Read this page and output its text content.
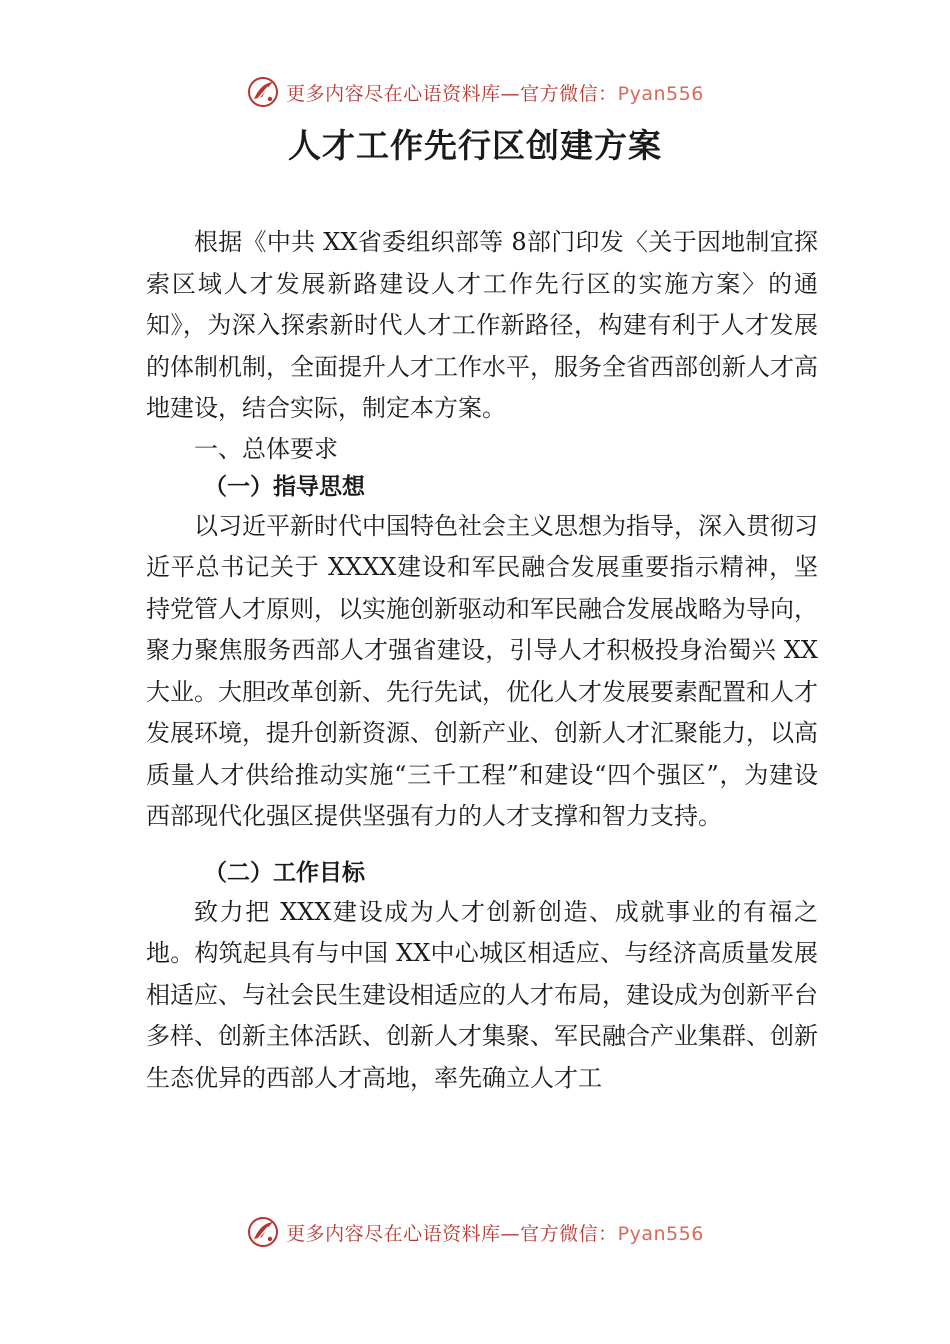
更多内容尽在心语资料库—官方微信：Pyan556
人才工作先行区创建方案

根据《中共 XX省委组织部等 8部门印发〈关于因地制宜探索区域人才发展新路建设人才工作先行区的实施方案〉的通知》，为深入探索新时代人才工作新路径，构建有利于人才发展的体制机制，全面提升人才工作水平，服务全省西部创新人才高地建设，结合实际，制定本方案。

一、总体要求

（一）指导思想

以习近平新时代中国特色社会主义思想为指导，深入贯彻习近平总书记关于 XXXX建设和军民融合发展重要指示精神，坚持党管人才原则，以实施创新驱动和军民融合发展战略为导向，聚力聚焦服务西部人才强省建设，引导人才积极投身治蜀兴 XX大业。大胆改革创新、先行先试，优化人才发展要素配置和人才发展环境，提升创新资源、创新产业、创新人才汇聚能力，以高质量人才供给推动实施“三千工程”和建设“四个强区”，为建设西部现代化强区提供坚强有力的人才支撑和智力支持。

（二）工作目标

致力把 XXX建设成为人才创新创造、成就事业的有福之地。构筑起具有与中国 XX中心城区相适应、与经济高质量发展相适应、与社会民生建设相适应的人才布局，建设成为创新平台多样、创新主体活跃、创新人才集聚、军民融合产业集群、创新生态优异的西部人才高地，率先确立人才工

更多内容尽在心语资料库—官方微信：Pyan556
